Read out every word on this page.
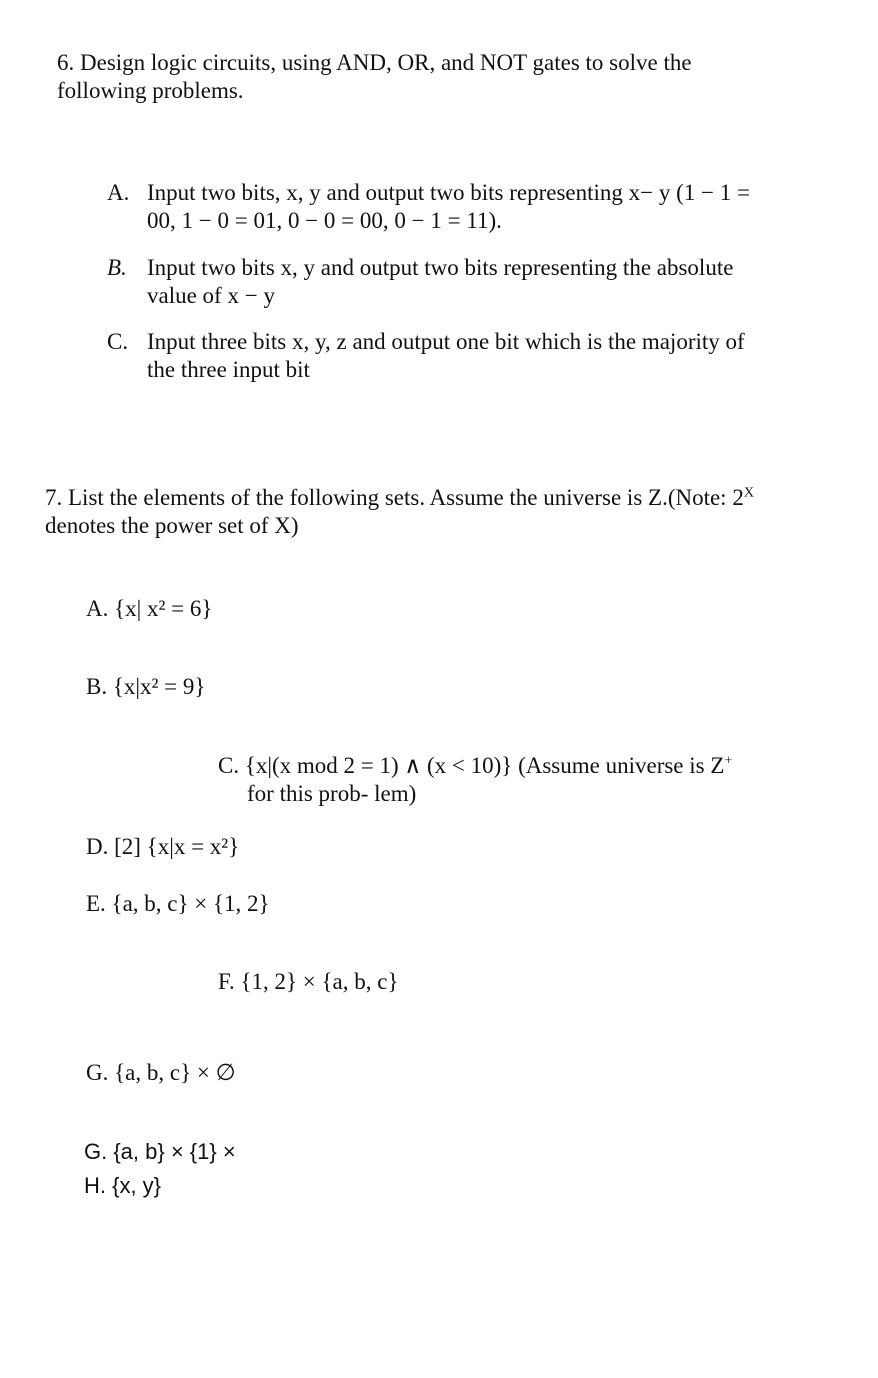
6. Design logic circuits, using AND, OR, and NOT gates to solve the
following problems.
A. Input two bits, x, y and output two bits representing x− y (1 − 1 =
00, 1 − 0 = 01, 0 − 0 = 00, 0 − 1 = 11).
B. Input two bits x, y and output two bits representing the absolute
value of x − y
C. Input three bits x, y, z and output one bit which is the majority of
the three input bit
7. List the elements of the following sets. Assume the universe is Z.(Note: $2^X$
denotes the power set of X)
A. {x| x² = 6}
B. {x|x² = 9}
C. {x|(x mod 2 = 1) ∧ (x < 10)} (Assume universe is Z+
for this prob- lem)
D. [2] {x|x = x²}
E. {a, b, c} × {1, 2}
F. {1, 2} × {a, b, c}
G. {a, b, c} × ∅
G. {a, b} × {1} ×
H. {x, y}
